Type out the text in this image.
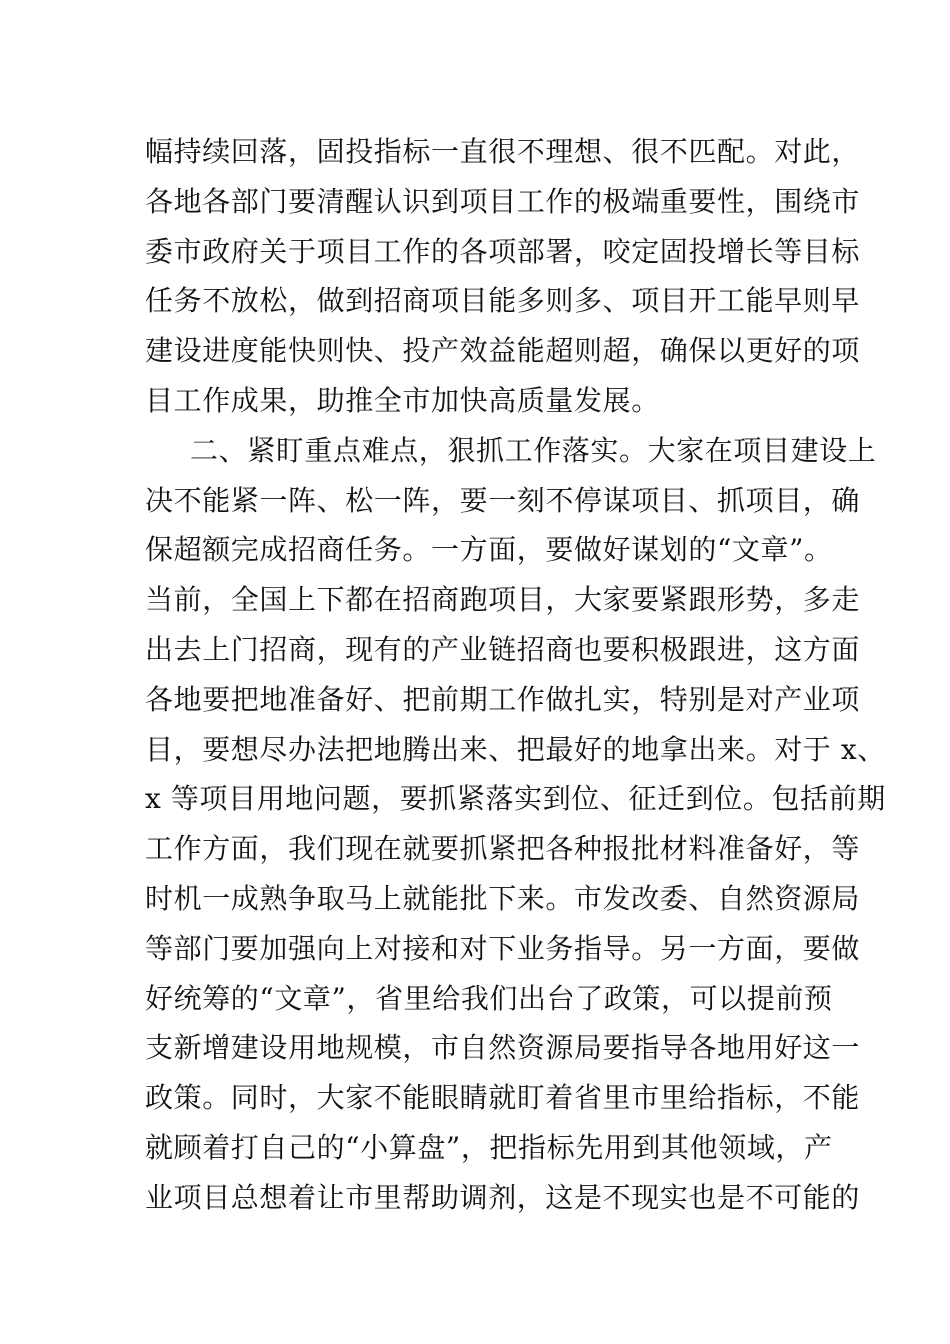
幅持续回落，固投指标一直很不理想、很不匹配。对此，
各地各部门要清醒认识到项目工作的极端重要性，围绕市
委市政府关于项目工作的各项部署，咬定固投增长等目标
任务不放松，做到招商项目能多则多、项目开工能早则早
建设进度能快则快、投产效益能超则超，确保以更好的项
目工作成果，助推全市加快高质量发展。
二、紧盯重点难点，狠抓工作落实。大家在项目建设上
决不能紧一阵、松一阵，要一刻不停谋项目、抓项目，确
保超额完成招商任务。一方面，要做好谋划的“文章”。
当前，全国上下都在招商跑项目，大家要紧跟形势，多走
出去上门招商，现有的产业链招商也要积极跟进，这方面
各地要把地准备好、把前期工作做扎实，特别是对产业项
目，要想尽办法把地腾出来、把最好的地拿出来。对于 x、
x 等项目用地问题，要抓紧落实到位、征迁到位。包括前期
工作方面，我们现在就要抓紧把各种报批材料准备好，等
时机一成熟争取马上就能批下来。市发改委、自然资源局
等部门要加强向上对接和对下业务指导。另一方面，要做
好统筹的“文章”，省里给我们出台了政策，可以提前预
支新增建设用地规模，市自然资源局要指导各地用好这一
政策。同时，大家不能眼睛就盯着省里市里给指标，不能
就顾着打自己的“小算盘”，把指标先用到其他领域，产
业项目总想着让市里帮助调剂，这是不现实也是不可能的
